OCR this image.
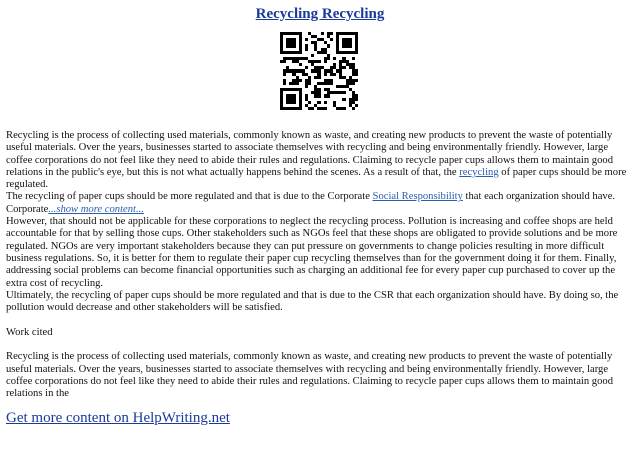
Recycling Recycling

Recycling is the process of collecting used materials, commonly known as waste, and creating new products to prevent the waste of potentially useful materials. Over the years, businesses started to associate themselves with recycling and being environmentally friendly. However, large coffee corporations do not feel like they need to abide their rules and regulations. Claiming to recycle paper cups allows them to maintain good relations in the public's eye, but this is not what actually happens behind the scenes. As a result of that, the recycling of paper cups should be more regulated.

The recycling of paper cups should be more regulated and that is due to the Corporate Social Responsibility that each organization should have.

Corporate...show more content...

However, that should not be applicable for these corporations to neglect the recycling process. Pollution is increasing and coffee shops are held accountable for that by selling those cups. Other stakeholders such as NGOs feel that these shops are obligated to provide solutions and be more regulated. NGOs are very important stakeholders because they can put pressure on governments to change policies resulting in more difficult business regulations. So, it is better for them to regulate their paper cup recycling themselves than for the government doing it for them. Finally, addressing social problems can become financial opportunities such as charging an additional fee for every paper cup purchased to cover up the extra cost of recycling.

Ultimately, the recycling of paper cups should be more regulated and that is due to the CSR that each organization should have. By doing so, the pollution would decrease and other stakeholders will be satisfied.

Work cited

Recycling is the process of collecting used materials, commonly known as waste, and creating new products to prevent the waste of potentially useful materials. Over the years, businesses started to associate themselves with recycling and being environmentally friendly. However, large coffee corporations do not feel like they need to abide their rules and regulations. Claiming to recycle paper cups allows them to maintain good relations in the

Get more content on HelpWriting.net
